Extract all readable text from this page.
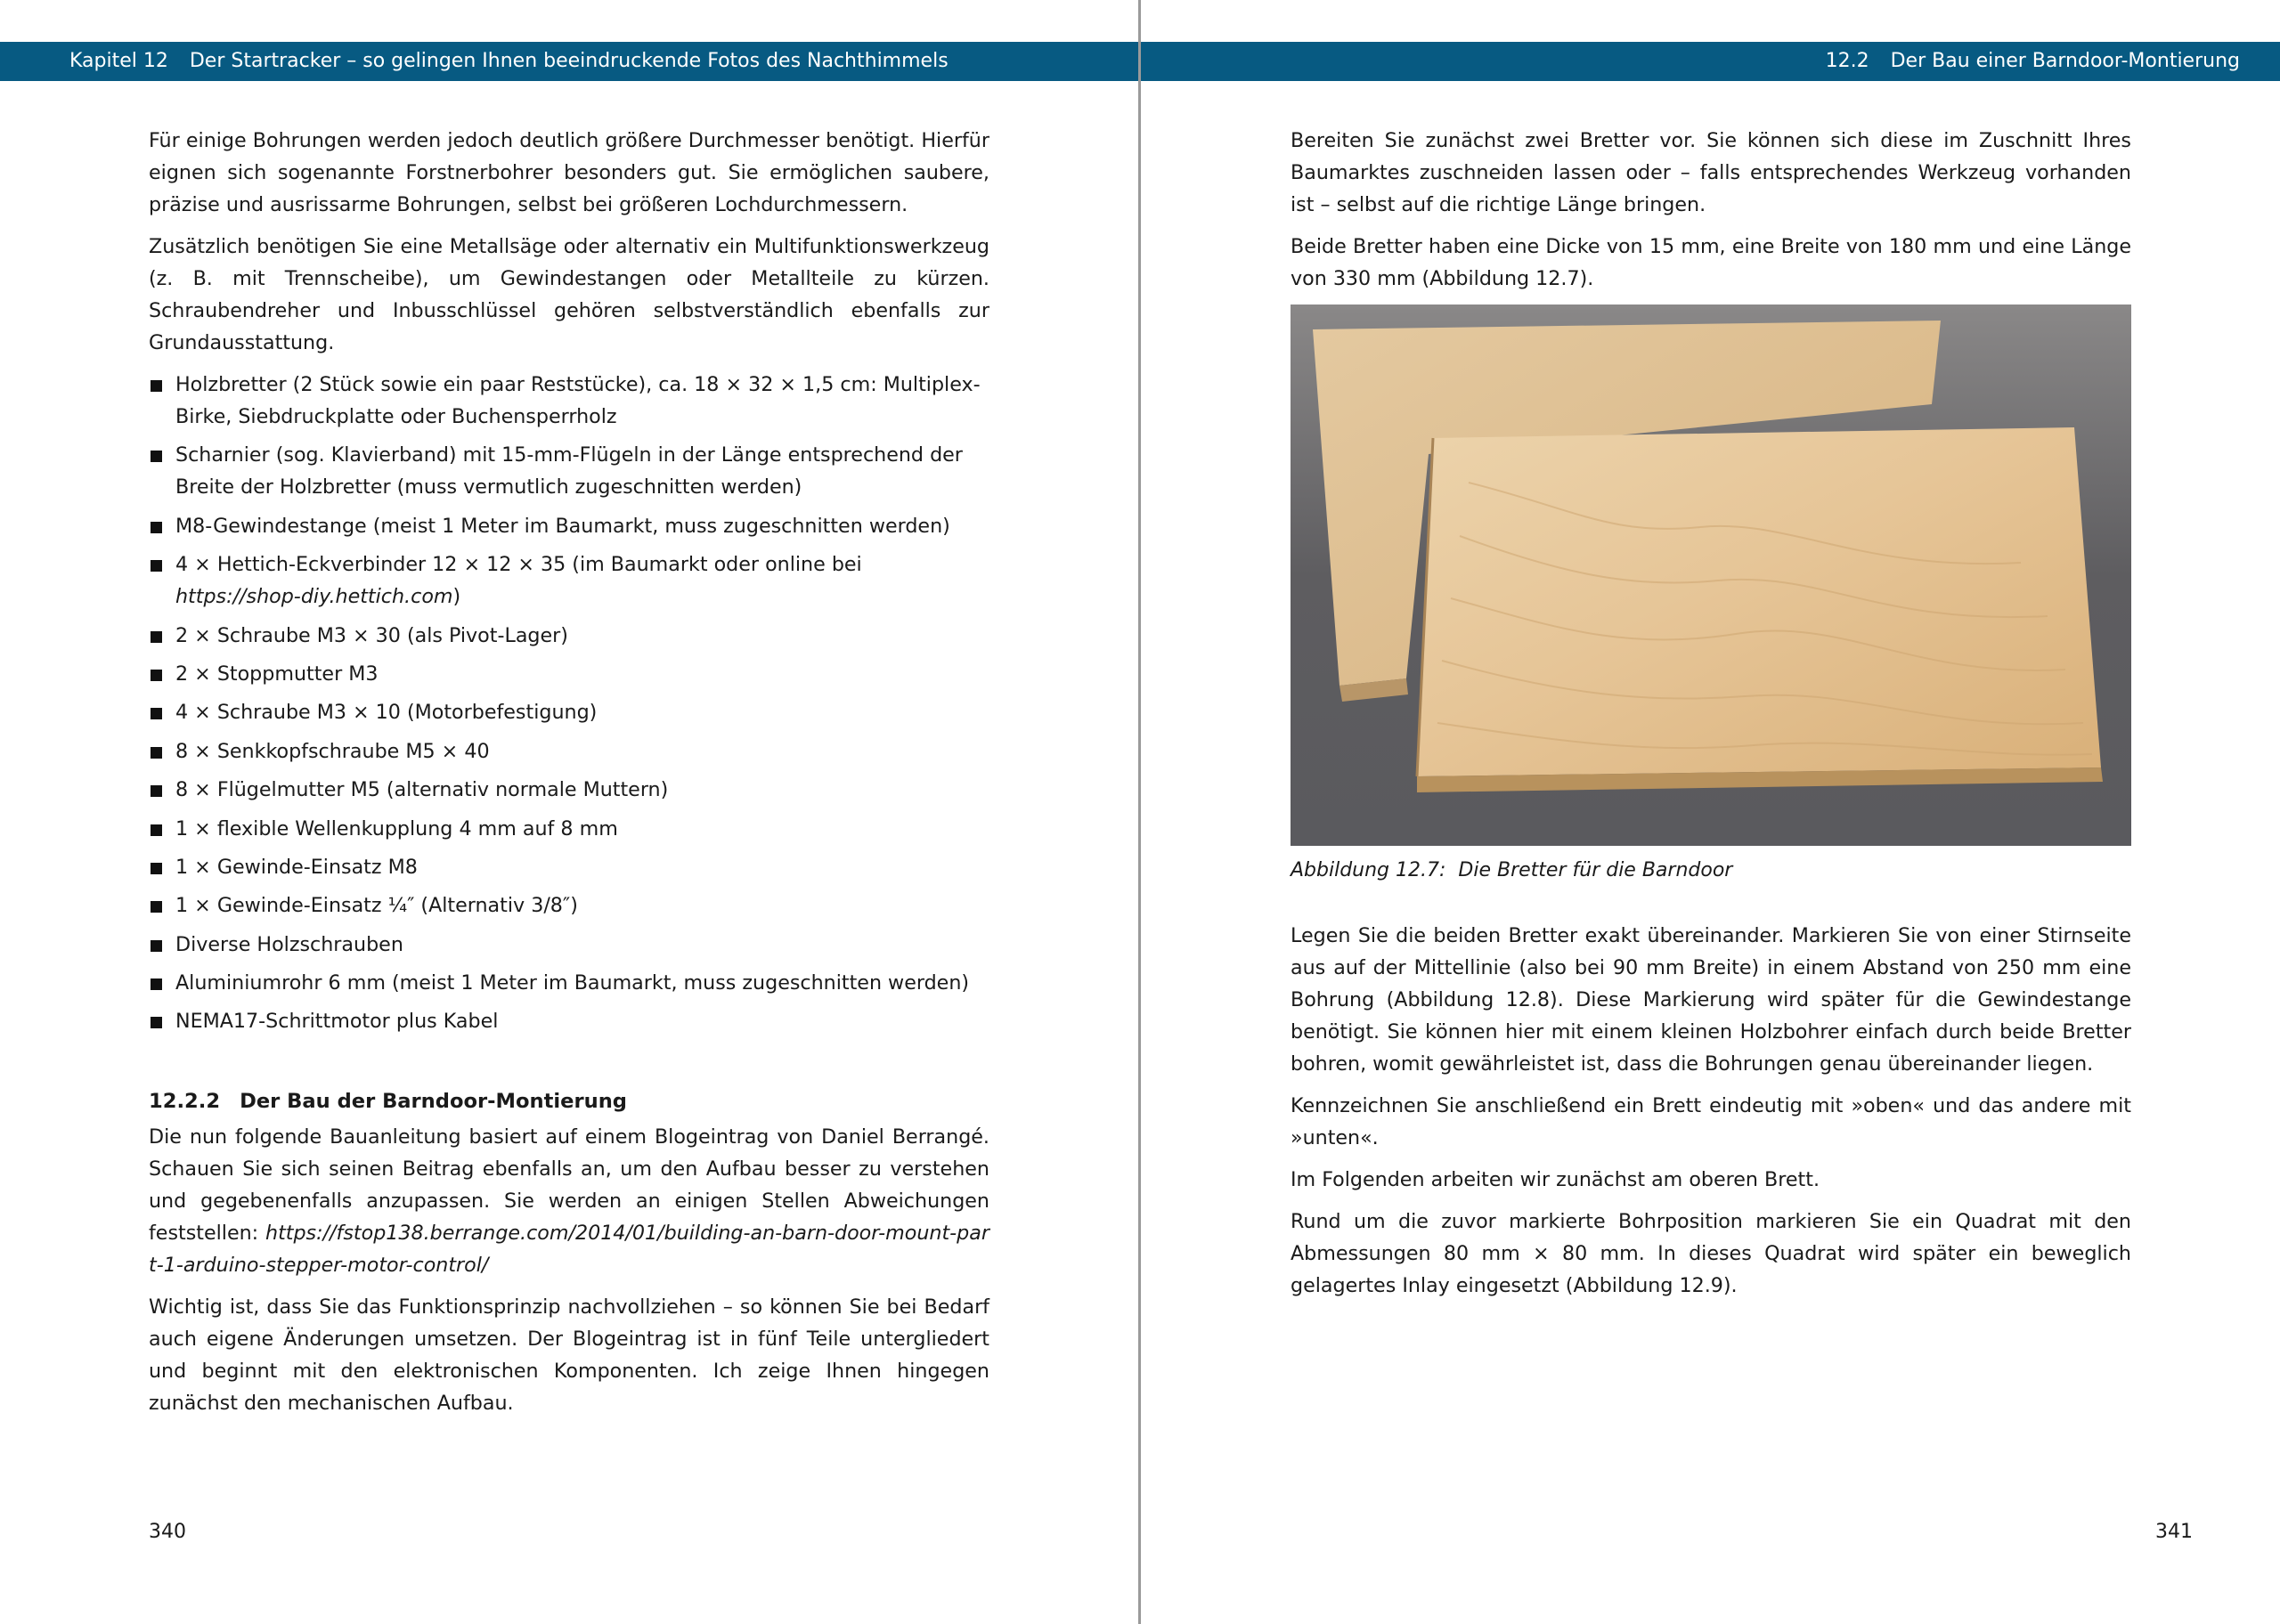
Kapitel 12 Der Startracker – so gelingen Ihnen beeindruckende Fotos des Nachthimmels

Für einige Bohrungen werden jedoch deutlich größere Durchmesser benötigt. Hierfür eignen sich sogenannte Forstnerbohrer besonders gut. Sie ermöglichen saubere, präzise und ausrissarme Bohrungen, selbst bei größeren Lochdurchmessern.

Zusätzlich benötigen Sie eine Metallsäge oder alternativ ein Multifunktionswerkzeug (z. B. mit Trennscheibe), um Gewindestangen oder Metallteile zu kürzen. Schraubendreher und Inbusschlüssel gehören selbstverständlich ebenfalls zur Grundausstattung.

Holzbretter (2 Stück sowie ein paar Reststücke), ca. 18 × 32 × 1,5 cm: Multiplex-Birke, Siebdruckplatte oder Buchensperrholz
Scharnier (sog. Klavierband) mit 15-mm-Flügeln in der Länge entsprechend der Breite der Holzbretter (muss vermutlich zugeschnitten werden)
M8-Gewindestange (meist 1 Meter im Baumarkt, muss zugeschnitten werden)
4 × Hettich-Eckverbinder 12 × 12 × 35 (im Baumarkt oder online bei https://shop-diy.hettich.com)
2 × Schraube M3 × 30 (als Pivot-Lager)
2 × Stoppmutter M3
4 × Schraube M3 × 10 (Motorbefestigung)
8 × Senkkopfschraube M5 × 40
8 × Flügelmutter M5 (alternativ normale Muttern)
1 × flexible Wellenkupplung 4 mm auf 8 mm
1 × Gewinde-Einsatz M8
1 × Gewinde-Einsatz ¼″ (Alternativ 3/8″)
Diverse Holzschrauben
Aluminiumrohr 6 mm (meist 1 Meter im Baumarkt, muss zugeschnitten werden)
NEMA17-Schrittmotor plus Kabel
12.2.2 Der Bau der Barndoor-Montierung

Die nun folgende Bauanleitung basiert auf einem Blogeintrag von Daniel Berrangé. Schauen Sie sich seinen Beitrag ebenfalls an, um den Aufbau besser zu verstehen und gegebenenfalls anzupassen. Sie werden an einigen Stellen Abweichungen feststellen: https://fstop138.berrange.com/2014/01/building-an-barn-door-mount-part-1-arduino-stepper-motor-control/

Wichtig ist, dass Sie das Funktionsprinzip nachvollziehen – so können Sie bei Bedarf auch eigene Änderungen umsetzen. Der Blogeintrag ist in fünf Teile untergliedert und beginnt mit den elektronischen Komponenten. Ich zeige Ihnen hingegen zunächst den mechanischen Aufbau.

340
12.2 Der Bau einer Barndoor-Montierung

Bereiten Sie zunächst zwei Bretter vor. Sie können sich diese im Zuschnitt Ihres Baumarktes zuschneiden lassen oder – falls entsprechendes Werkzeug vorhanden ist – selbst auf die richtige Länge bringen.

Beide Bretter haben eine Dicke von 15 mm, eine Breite von 180 mm und eine Länge von 330 mm (Abbildung 12.7).

Abbildung 12.7: Die Bretter für die Barndoor

Legen Sie die beiden Bretter exakt übereinander. Markieren Sie von einer Stirnseite aus auf der Mittellinie (also bei 90 mm Breite) in einem Abstand von 250 mm eine Bohrung (Abbildung 12.8). Diese Markierung wird später für die Gewindestange benötigt. Sie können hier mit einem kleinen Holzbohrer einfach durch beide Bretter bohren, womit gewährleistet ist, dass die Bohrungen genau übereinander liegen.

Kennzeichnen Sie anschließend ein Brett eindeutig mit »oben« und das andere mit »unten«.

Im Folgenden arbeiten wir zunächst am oberen Brett.

Rund um die zuvor markierte Bohrposition markieren Sie ein Quadrat mit den Abmessungen 80 mm × 80 mm. In dieses Quadrat wird später ein beweglich gelagertes Inlay eingesetzt (Abbildung 12.9).

341
